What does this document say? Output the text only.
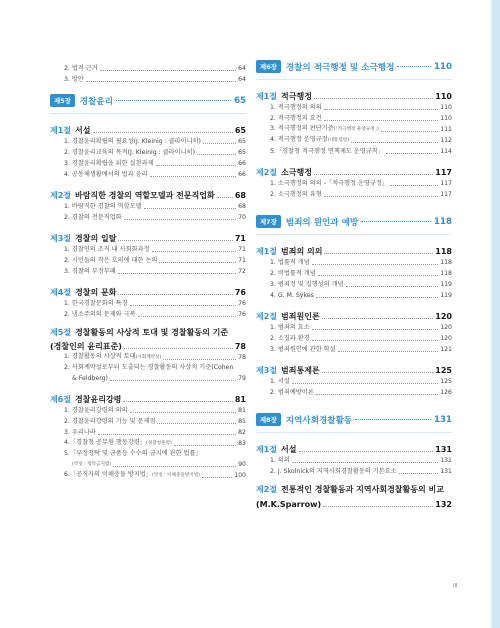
2. 법적 근거	64
3. 방안	64
제5장	경찰윤리	65
제1절 서설	65
1. 경찰윤리확립의 필요성(J. Kleinig : 클라이니히)	65
2. 경찰윤리교육의 목적(J. Kleinig : 클라이니히)	65
3. 경찰윤리확립을 위한 실천과제	66
4. 공동체생활에서의 법과 윤리	66
제2절 바람직한 경찰의 역할모델과 전문직업화	68
1. 바람직한 경찰의 역할모델	68
2. 경찰의 전문직업화	70
제3절 경찰의 일탈	71
1. 경찰인의 조직 내 사회화과정	71
2. 시민들의 작은 호의에 대한 논의	71
3. 경찰의 부정부패	72
제4절 경찰의 문화	76
1. 한국경찰문화의 특징	76
2. 냉소주의의 문제와 극복	76
제5절 경찰활동의 사상적 토대 및 경찰활동의 기준
(경찰인의 윤리표준)	78
1. 경찰활동의 사상적 토대(사회계약설)	78
2. 사회계약설로부터 도출되는 경찰활동의 사상적 기준(Cohen
& Feldberg)	79
제6절 경찰윤리강령	81
1. 경찰윤리강령의 의의	81
2. 경찰윤리강령의 기능 및 문제점	81
3. 우리나라	82
4.「경찰청 공무원 행동강령」(경찰청훈령)	83
5.「부정청탁 및 금품등 수수의 금지에 관한 법률」
(약칭 : 청탁금지법)	90
6.「공직자의 이해충돌 방지법」(약칭 : 이해충돌방지법)	100
제6장	경찰의 적극행정 및 소극행정	110
제1절 적극행정	110
1. 적극행정의 의의	110
2. 적극행정의 요건	110
3. 적극행정의 판단기준(「적극행정 운영규정」)	111
4. 적극행정 운영규정(대통령령)	112
5.「경찰청 적극행정 면책제도 운영규칙」	114
제2절 소극행정	117
1. 소극행정의 의의 -「적극행정 운영규정」	117
2. 소극행정의 유형	117
제7장	범죄의 원인과 예방	118
제1절 범죄의 의의	118
1. 법률적 개념	118
2. 비법률적 개념	118
3. 범죄정 및 집행성의 개념	119
4. G. M. Sykes	119
제2절 범죄원인론	120
1. 범죄의 요소	120
2. 소질과 환경	120
3. 범죄원인에 관한 학설	121
제3절 범죄통제론	125
1. 서설	125
2. 범죄예방이론	126
제8장	지역사회경찰활동	131
제1절 서설	131
1. 의의	131
2. J. Skolnick의 지역사회경찰활동의 기본요소	131
제2절 전통적인 경찰활동과 지역사회경찰활동의 비교
(M.K.Sparrow)	132
III
